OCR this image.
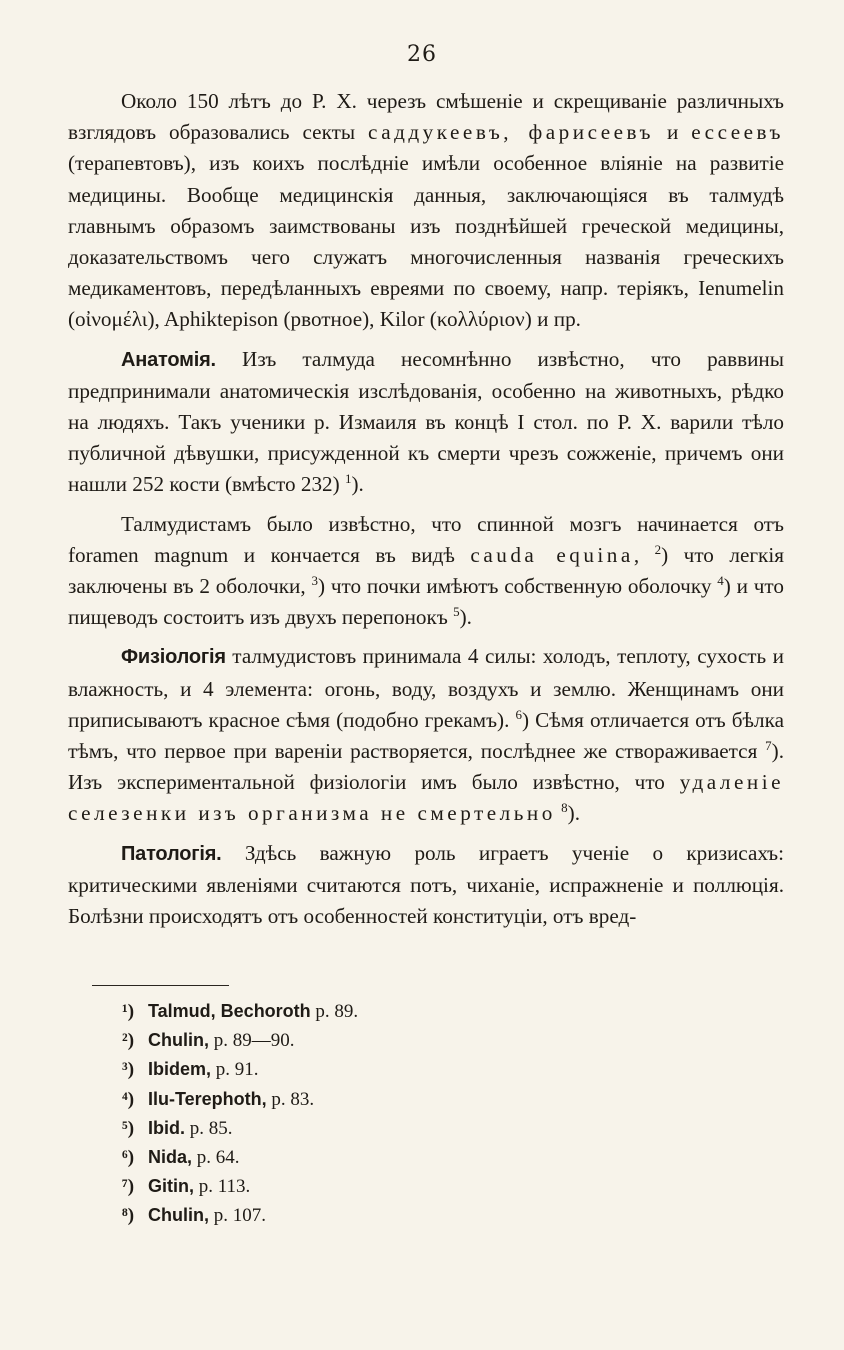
26

Около 150 лѣтъ до Р. Х. черезъ смѣшеніе и скрещиваніе различныхъ взглядовъ образовались секты саддукеевъ, фарисеевъ и ессеевъ (терапевтовъ), изъ коихъ послѣдніе имѣли особенное вліяніе на развитіе медицины. Вообще медицинскія данныя, заключающіяся въ талмудѣ главнымъ образомъ заимствованы изъ позднѣйшей греческой медицины, доказательствомъ чего служатъ многочисленныя названія греческихъ медикаментовъ, передѣланныхъ евреями по своему, напр. теріякъ, Ienumelin (οἰνομέλι), Aphiktepison (рвотное), Kilor (κολλύριον) и пр.

Анатомія. Изъ талмуда несомнѣнно извѣстно, что раввины предпринимали анатомическія изслѣдованія, особенно на животныхъ, рѣдко на людяхъ. Такъ ученики р. Измаиля въ концѣ I стол. по Р. Х. варили тѣло публичной дѣвушки, присужденной къ смерти чрезъ сожженіе, причемъ они нашли 252 кости (вмѣсто 232) $^1$).

Талмудистамъ было извѣстно, что спинной мозгъ начинается отъ foramen magnum и кончается въ видѣ cauda equina, $^2$) что легкія заключены въ 2 оболочки, $^3$) что почки имѣютъ собственную оболочку $^4$) и что пищеводъ состоитъ изъ двухъ перепонокъ $^5$).

Физіологія талмудистовъ принимала 4 силы: холодъ, теплоту, сухость и влажность, и 4 элемента: огонь, воду, воздухъ и землю. Женщинамъ они приписываютъ красное сѣмя (подобно грекамъ). $^6$) Сѣмя отличается отъ бѣлка тѣмъ, что первое при вареніи растворяется, послѣднее же створаживается $^7$). Изъ экспериментальной физіологіи имъ было извѣстно, что удаленіе селезенки изъ организма не смертельно $^8$).

Патологія. Здѣсь важную роль играетъ ученіе о кризисахъ: критическими явленіями считаются потъ, чиханіе, испражненіе и поллюція. Болѣзни происходятъ отъ особенностей конституціи, отъ вред-

¹) Talmud, Bechoroth p. 89.
²) Chulin, p. 89—90.
³) Ibidem, p. 91.
⁴) Ilu-Terephoth, p. 83.
⁵) Ibid. p. 85.
⁶) Nida, p. 64.
⁷) Gitin, p. 113.
⁸) Chulin, p. 107.
